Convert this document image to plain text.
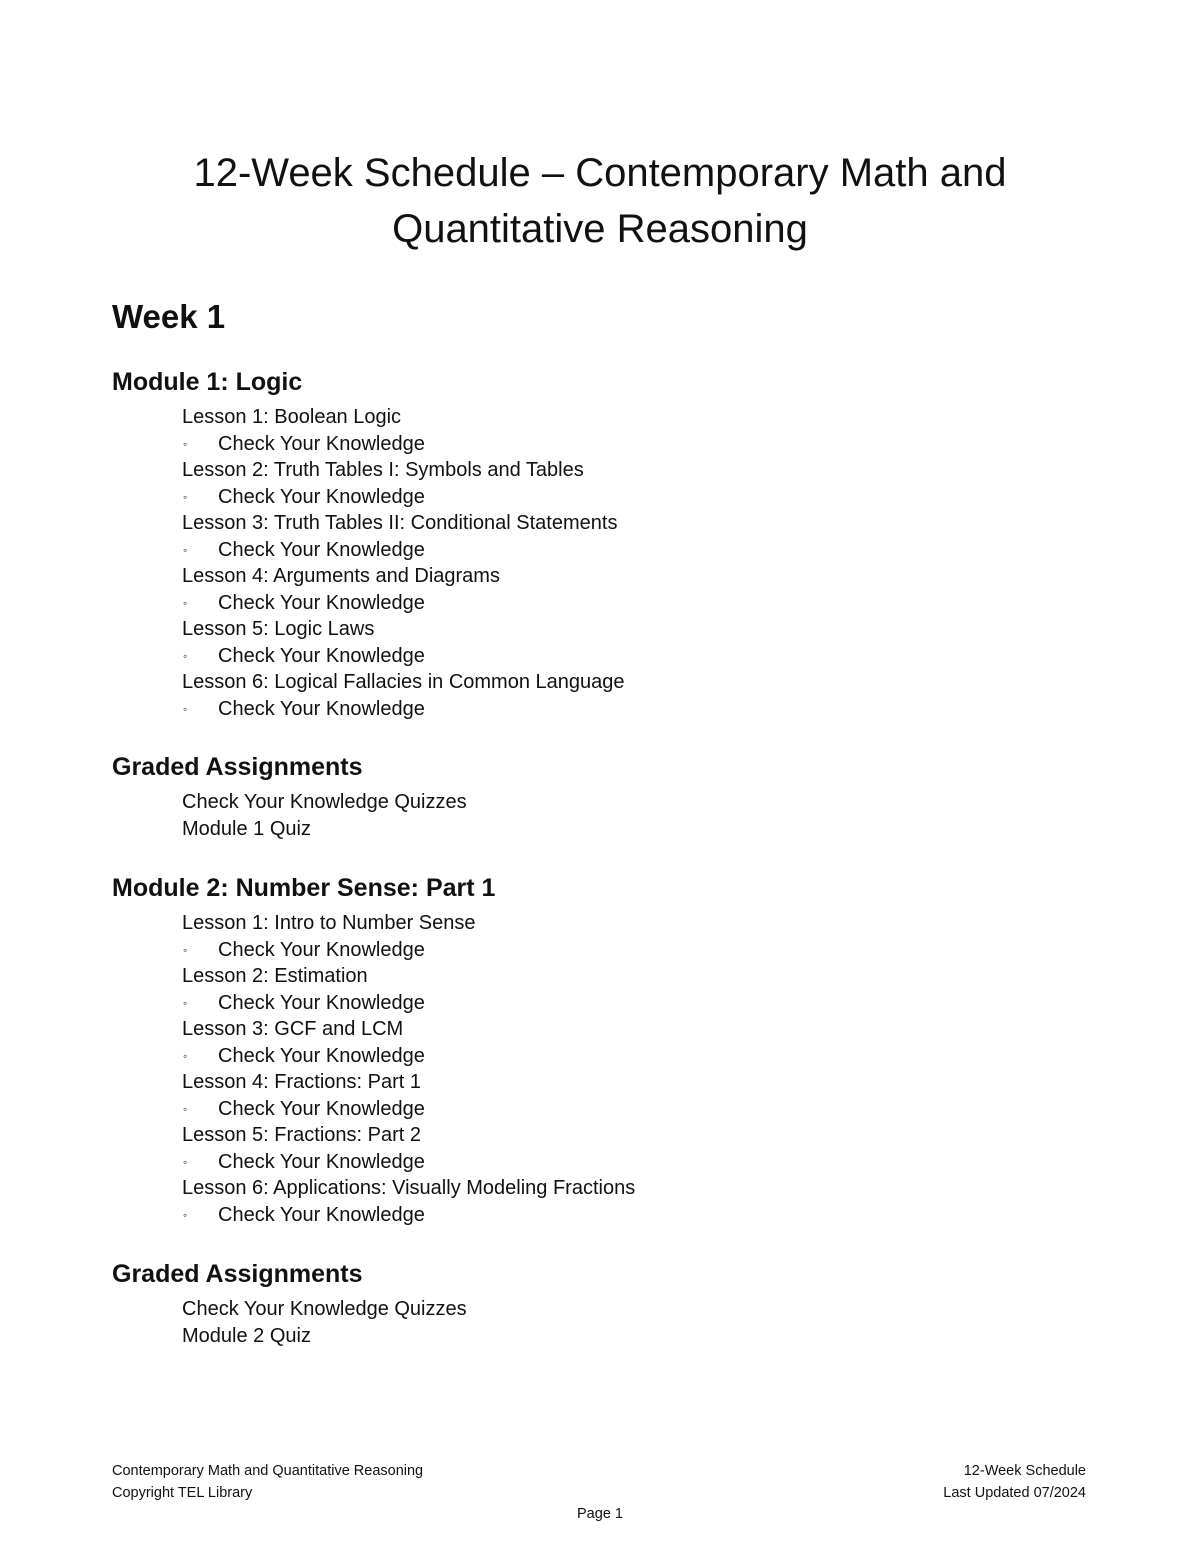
12-Week Schedule – Contemporary Math and
Quantitative Reasoning
Week 1
Module 1: Logic
Lesson 1: Boolean Logic
◦ Check Your Knowledge
Lesson 2: Truth Tables I: Symbols and Tables
◦ Check Your Knowledge
Lesson 3: Truth Tables II: Conditional Statements
◦ Check Your Knowledge
Lesson 4: Arguments and Diagrams
◦ Check Your Knowledge
Lesson 5: Logic Laws
◦ Check Your Knowledge
Lesson 6: Logical Fallacies in Common Language
◦ Check Your Knowledge
Graded Assignments
Check Your Knowledge Quizzes
Module 1 Quiz
Module 2: Number Sense: Part 1
Lesson 1: Intro to Number Sense
◦ Check Your Knowledge
Lesson 2: Estimation
◦ Check Your Knowledge
Lesson 3: GCF and LCM
◦ Check Your Knowledge
Lesson 4: Fractions: Part 1
◦ Check Your Knowledge
Lesson 5: Fractions: Part 2
◦ Check Your Knowledge
Lesson 6: Applications: Visually Modeling Fractions
◦ Check Your Knowledge
Graded Assignments
Check Your Knowledge Quizzes
Module 2 Quiz
Contemporary Math and Quantitative Reasoning
Copyright TEL Library
12-Week Schedule
Last Updated 07/2024
Page 1
